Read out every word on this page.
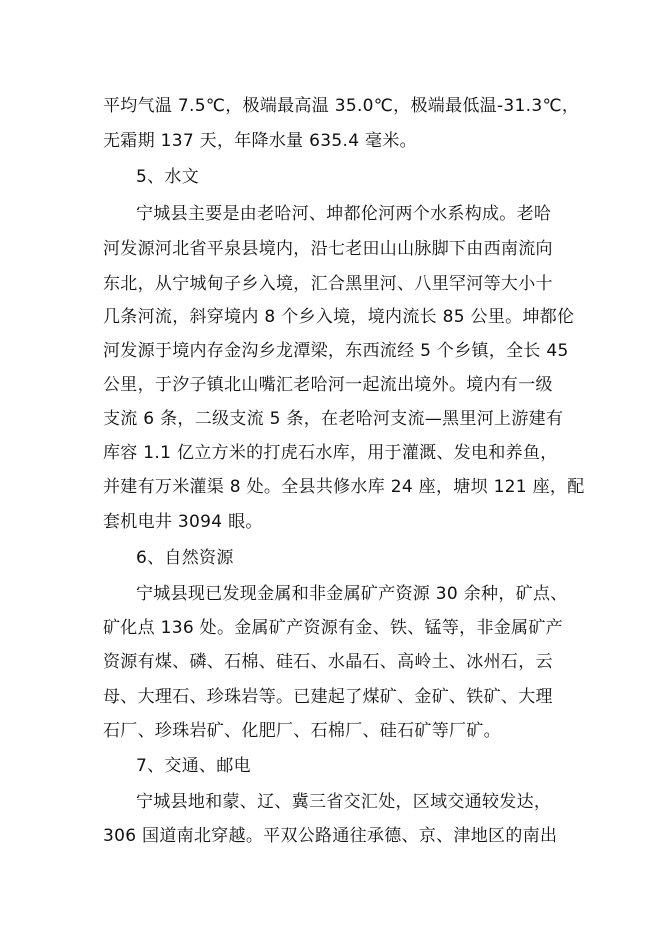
平均气温 7.5℃，极端最高温 35.0℃，极端最低温-31.3℃，
无霜期 137 天，年降水量 635.4 毫米。
5、水文
宁城县主要是由老哈河、坤都伦河两个水系构成。老哈
河发源河北省平泉县境内，沿七老田山山脉脚下由西南流向
东北，从宁城甸子乡入境，汇合黑里河、八里罕河等大小十
几条河流，斜穿境内 8 个乡入境，境内流长 85 公里。坤都伦
河发源于境内存金沟乡龙潭梁，东西流经 5 个乡镇，全长 45
公里，于汐子镇北山嘴汇老哈河一起流出境外。境内有一级
支流 6 条，二级支流 5 条，在老哈河支流—黑里河上游建有
库容 1.1 亿立方米的打虎石水库，用于灌溉、发电和养鱼，
并建有万米灌渠 8 处。全县共修水库 24 座，塘坝 121 座，配
套机电井 3094 眼。
6、自然资源
宁城县现已发现金属和非金属矿产资源 30 余种，矿点、
矿化点 136 处。金属矿产资源有金、铁、锰等，非金属矿产
资源有煤、磷、石棉、硅石、水晶石、高岭土、冰州石，云
母、大理石、珍珠岩等。已建起了煤矿、金矿、铁矿、大理
石厂、珍珠岩矿、化肥厂、石棉厂、硅石矿等厂矿。
7、交通、邮电
宁城县地和蒙、辽、冀三省交汇处，区域交通较发达，
306 国道南北穿越。平双公路通往承德、京、津地区的南出
